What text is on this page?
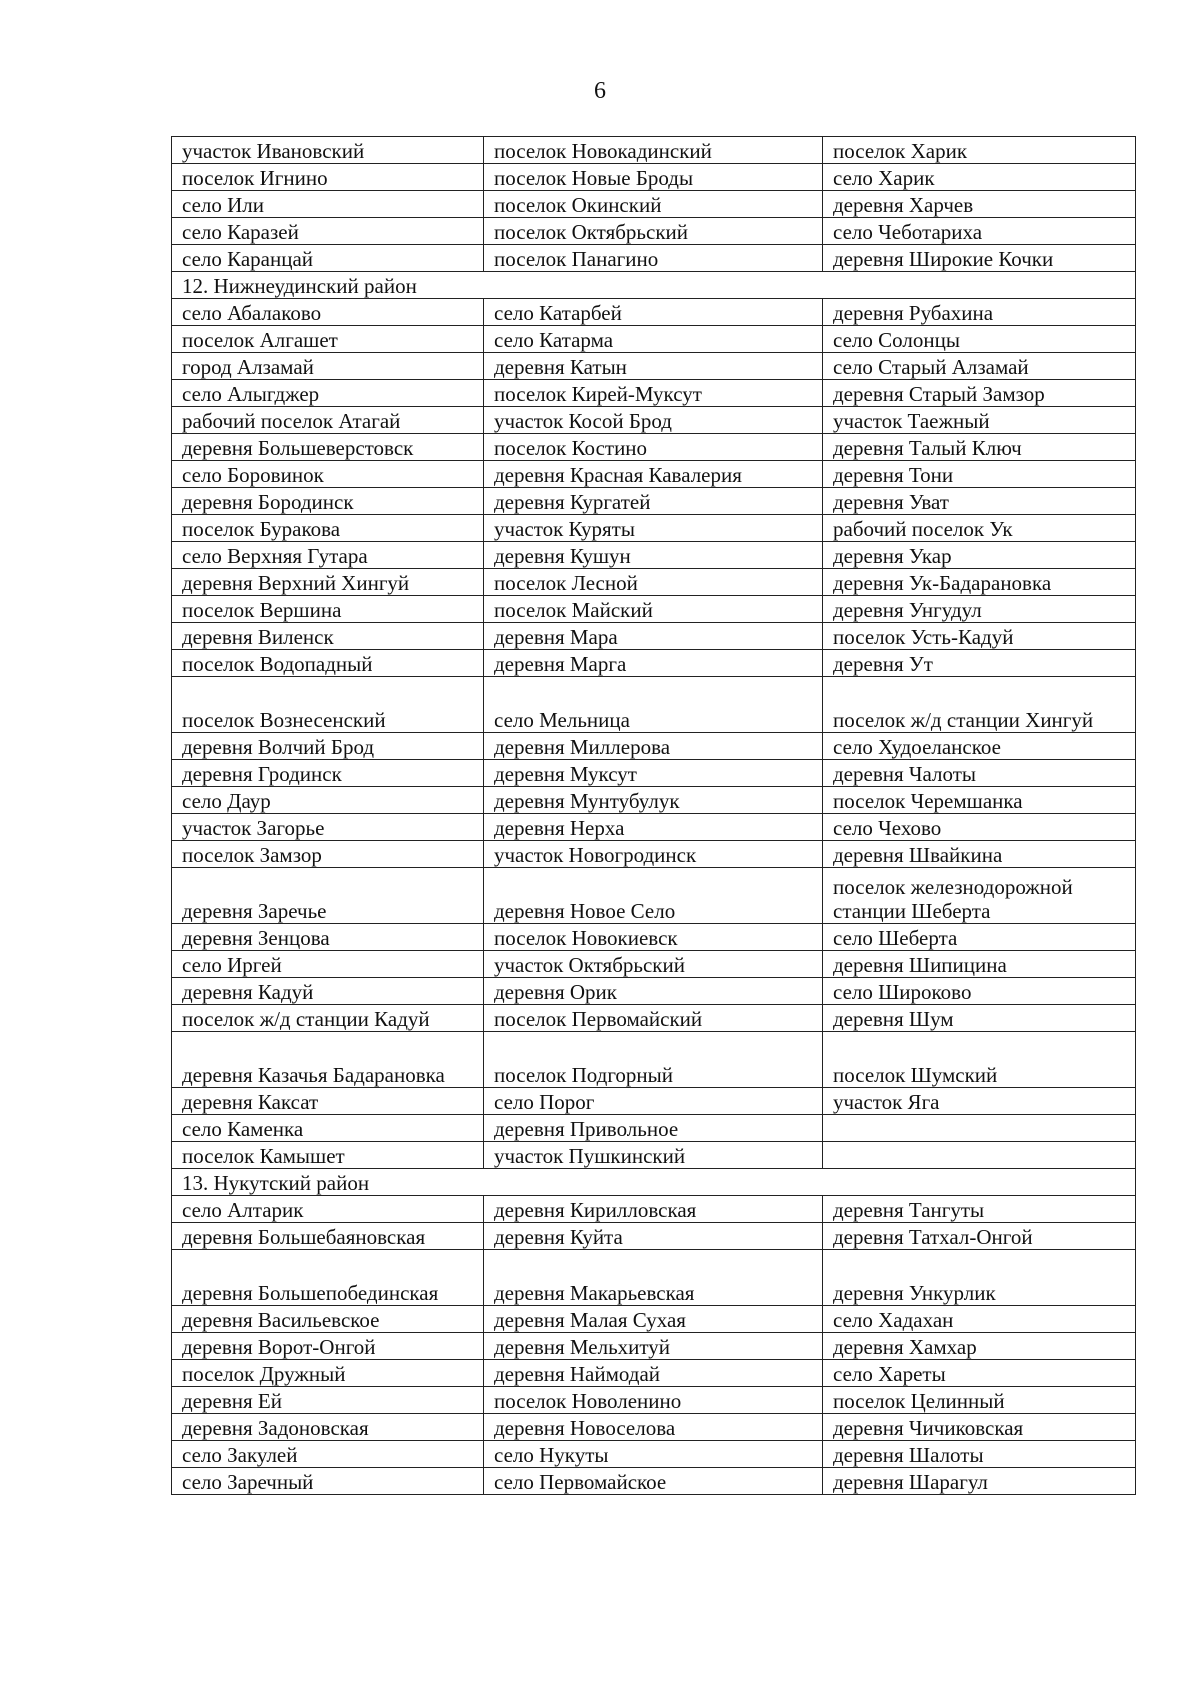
6
участок Ивановский	поселок Новокадинский	поселок Харик
поселок Игнино	поселок Новые Броды	село Харик
село Или	поселок Окинский	деревня Харчев
село Каразей	поселок Октябрьский	село Чеботариха
село Каранцай	поселок Панагино	деревня Широкие Кочки
12. Нижнеудинский район		
село Абалаково	село Катарбей	деревня Рубахина
поселок Алгашет	село Катарма	село Солонцы
город Алзамай	деревня Катын	село Старый Алзамай
село Алыгджер	поселок Кирей-Муксут	деревня Старый Замзор
рабочий поселок Атагай	участок Косой Брод	участок Таежный
деревня Большеверстовск	поселок Костино	деревня Талый Ключ
село Боровинок	деревня Красная Кавалерия	деревня Тони
деревня Бородинск	деревня Кургатей	деревня Уват
поселок Буракова	участок Куряты	рабочий поселок Ук
село Верхняя Гутара	деревня Кушун	деревня Укар
деревня Верхний Хингуй	поселок Лесной	деревня Ук-Бадарановка
поселок Вершина	поселок Майский	деревня Унгудул
деревня Виленск	деревня Мара	поселок Усть-Кадуй
поселок Водопадный	деревня Марга	деревня Ут
поселок Вознесенский	село Мельница	поселок ж/д станции Хингуй
деревня Волчий Брод	деревня Миллерова	село Худоеланское
деревня Гродинск	деревня Муксут	деревня Чалоты
село Даур	деревня Мунтубулук	поселок Черемшанка
участок Загорье	деревня Нерха	село Чехово
поселок Замзор	участок Новогродинск	деревня Швайкина
деревня Заречье	деревня Новое Село	поселок железнодорожной станции Шеберта
деревня Зенцова	поселок Новокиевск	село Шеберта
село Иргей	участок Октябрьский	деревня Шипицина
деревня Кадуй	деревня Орик	село Широково
поселок ж/д станции Кадуй	поселок Первомайский	деревня Шум
деревня Казачья Бадарановка	поселок Подгорный	поселок Шумский
деревня Каксат	село Порог	участок Яга
село Каменка	деревня Привольное	
поселок Камышет	участок Пушкинский	
13. Нукутский район		
село Алтарик	деревня Кирилловская	деревня Тангуты
деревня Большебаяновская	деревня Куйта	деревня Татхал-Онгой
деревня Большепобединская	деревня Макарьевская	деревня Ункурлик
деревня Васильевское	деревня Малая Сухая	село Хадахан
деревня Ворот-Онгой	деревня Мельхитуй	деревня Хамхар
поселок Дружный	деревня Наймодай	село Хареты
деревня Ей	поселок Новоленино	поселок Целинный
деревня Задоновская	деревня Новоселова	деревня Чичиковская
село Закулей	село Нукуты	деревня Шалоты
село Заречный	село Первомайское	деревня Шарагул
